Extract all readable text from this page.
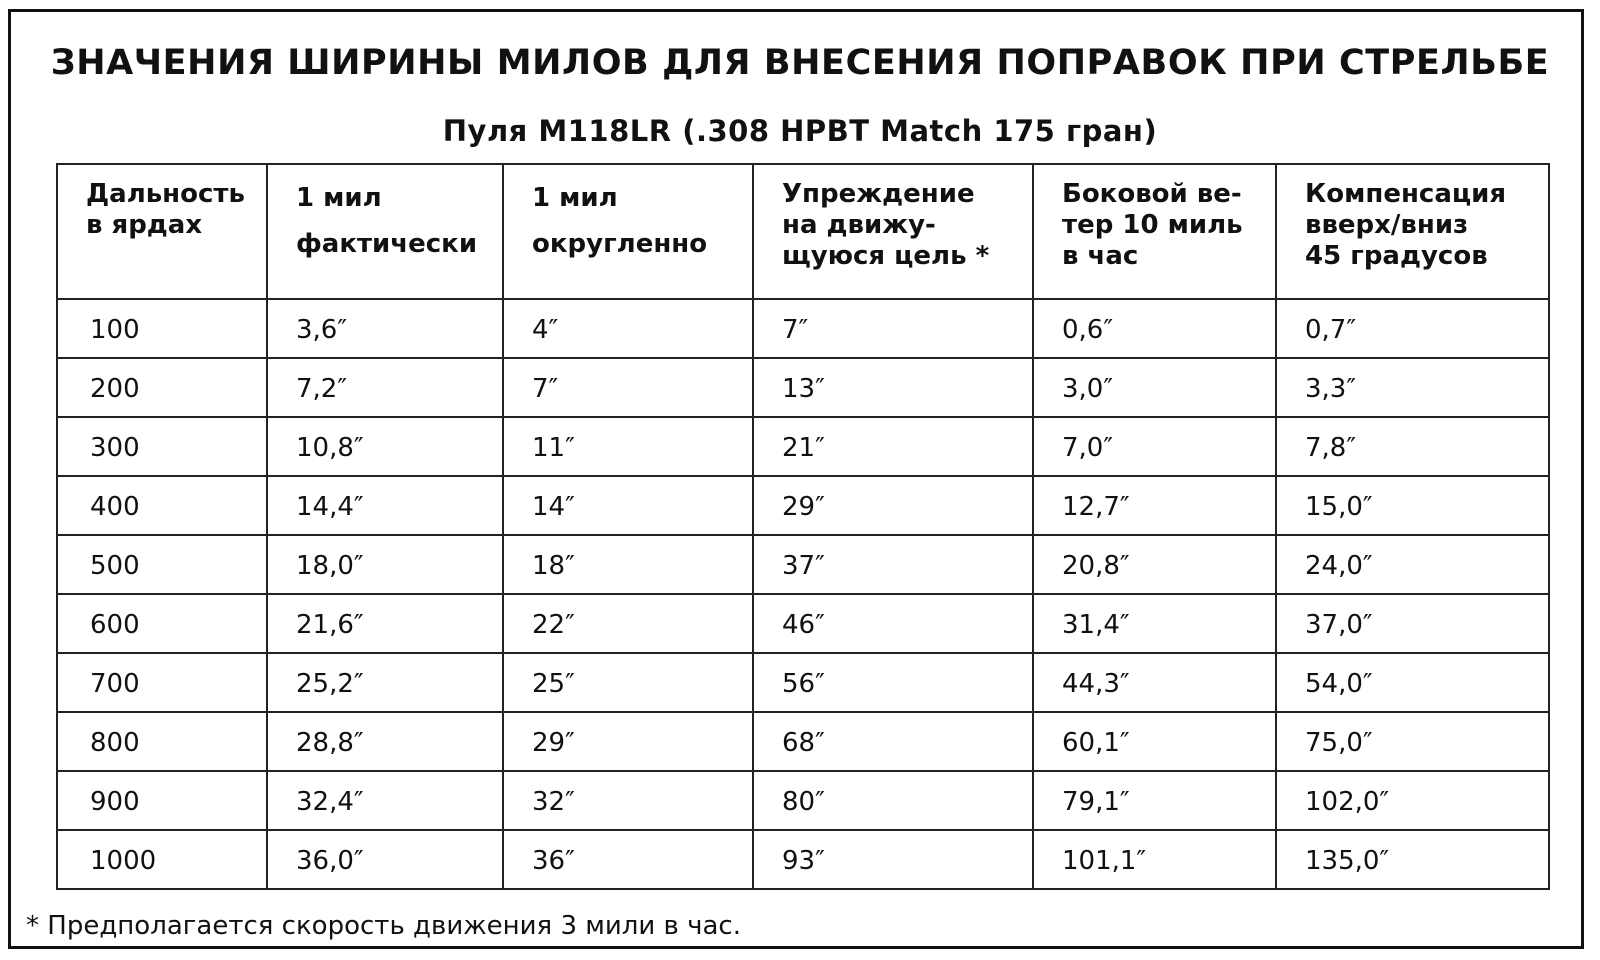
ЗНАЧЕНИЯ ШИРИНЫ МИЛОВ ДЛЯ ВНЕСЕНИЯ ПОПРАВОК ПРИ СТРЕЛЬБЕ
Пуля M118LR (.308 HPBT Match 175 гран)
Дальность
в ярдах	1 мил
фактически	1 мил
округленно	Упреждение
на движу-
щуюся цель *	Боковой ве-
тер 10 миль
в час	Компенсация
вверх/вниз
45 градусов
100	3,6″	4″	7″	0,6″	0,7″
200	7,2″	7″	13″	3,0″	3,3″
300	10,8″	11″	21″	7,0″	7,8″
400	14,4″	14″	29″	12,7″	15,0″
500	18,0″	18″	37″	20,8″	24,0″
600	21,6″	22″	46″	31,4″	37,0″
700	25,2″	25″	56″	44,3″	54,0″
800	28,8″	29″	68″	60,1″	75,0″
900	32,4″	32″	80″	79,1″	102,0″
1000	36,0″	36″	93″	101,1″	135,0″
* Предполагается скорость движения 3 мили в час.
